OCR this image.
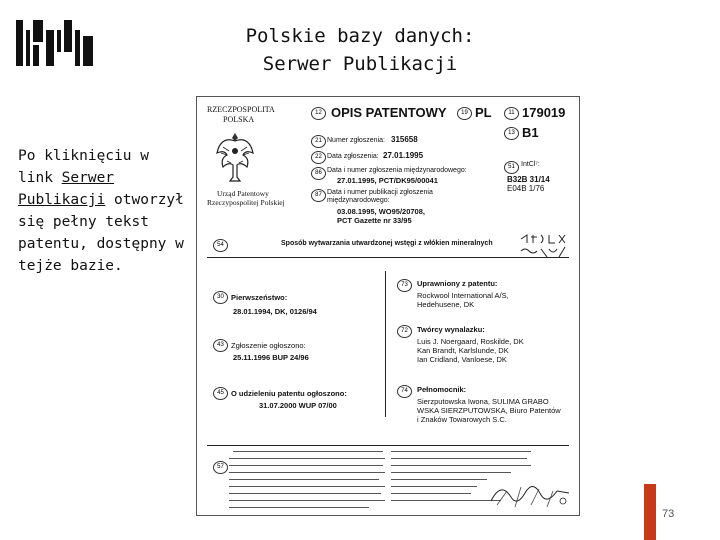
Polskie bazy danych:
Serwer Publikacji
Po kliknięciu w link Serwer Publikacji otworzył się pełny tekst patentu, dostępny w tejże bazie.
RZECZPOSPOLITA
POLSKA
Urząd Patentowy
Rzeczypospolitej Polskiej
12 OPIS PATENTOWY	19 PL	11 179019
13 B1
21 Numer zgłoszenia: 315658
22 Data zgłoszenia: 27.01.1995
86 Data i numer zgłoszenia międzynarodowego:
27.01.1995, PCT/DK95/00041
87 Data i numer publikacji zgłoszenia
międzynarodowego:
03.08.1995, WO95/20708,
PCT Gazette nr 33/95
51 IntCl⁷:
B32B 31/14
E04B 1/76
54	Sposób wytwarzania utwardzonej wstęgi z włókien mineralnych
30 Pierwszeństwo:
28.01.1994, DK, 0126/94
43 Zgłoszenie ogłoszono:
25.11.1996 BUP 24/96
45 O udzieleniu patentu ogłoszono:
31.07.2000 WUP 07/00
73	Uprawniony z patentu:
Rockwool International A/S,
Hedehusene, DK
72	Twórcy wynalazku:
Luis J. Noergaard, Roskilde, DK
Kan Brandt, Karlslunde, DK
Ian Cridland, Vanloese, DK
74	Pełnomocnik:
Sierzputowska Iwona, SULIMA GRABO
WSKA SIERZPUTOWSKA, Biuro Patentów
i Znaków Towarowych S.C.
57
73
